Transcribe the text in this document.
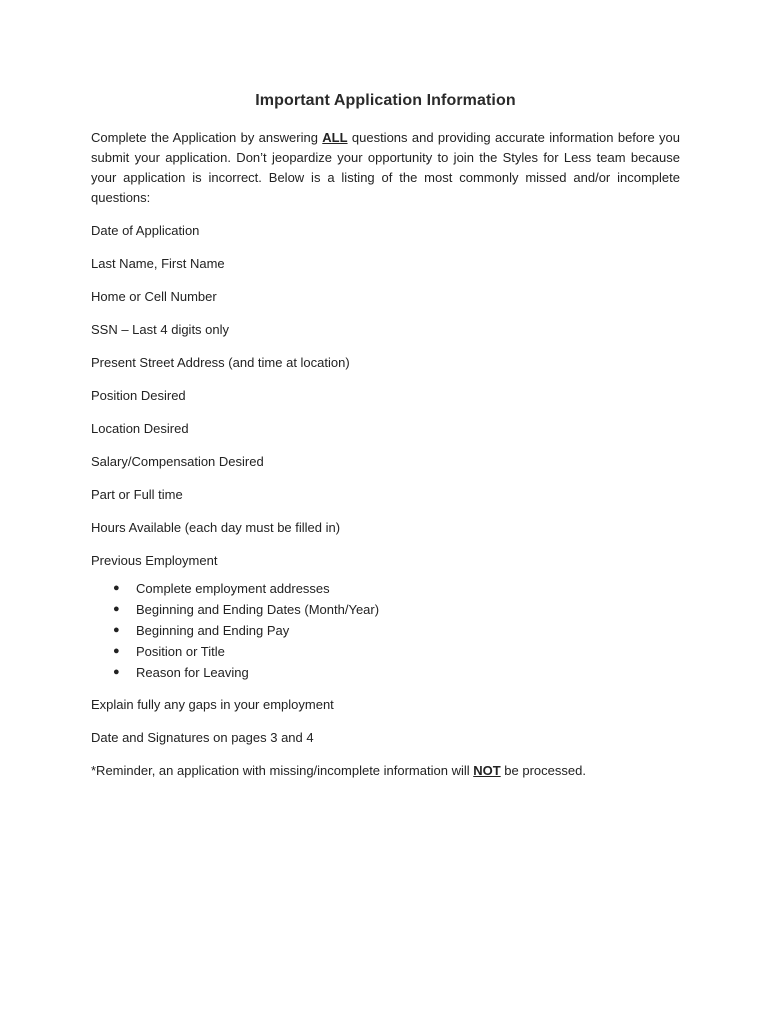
Important Application Information

Complete the Application by answering ALL questions and providing accurate information before you submit your application. Don’t jeopardize your opportunity to join the Styles for Less team because your application is incorrect. Below is a listing of the most commonly missed and/or incomplete questions:

Date of Application
Last Name, First Name
Home or Cell Number
SSN – Last 4 digits only
Present Street Address (and time at location)
Position Desired
Location Desired
Salary/Compensation Desired
Part or Full time
Hours Available (each day must be filled in)
Previous Employment
● Complete employment addresses
● Beginning and Ending Dates (Month/Year)
● Beginning and Ending Pay
● Position or Title
● Reason for Leaving
Explain fully any gaps in your employment
Date and Signatures on pages 3 and 4

*Reminder, an application with missing/incomplete information will NOT be processed.
